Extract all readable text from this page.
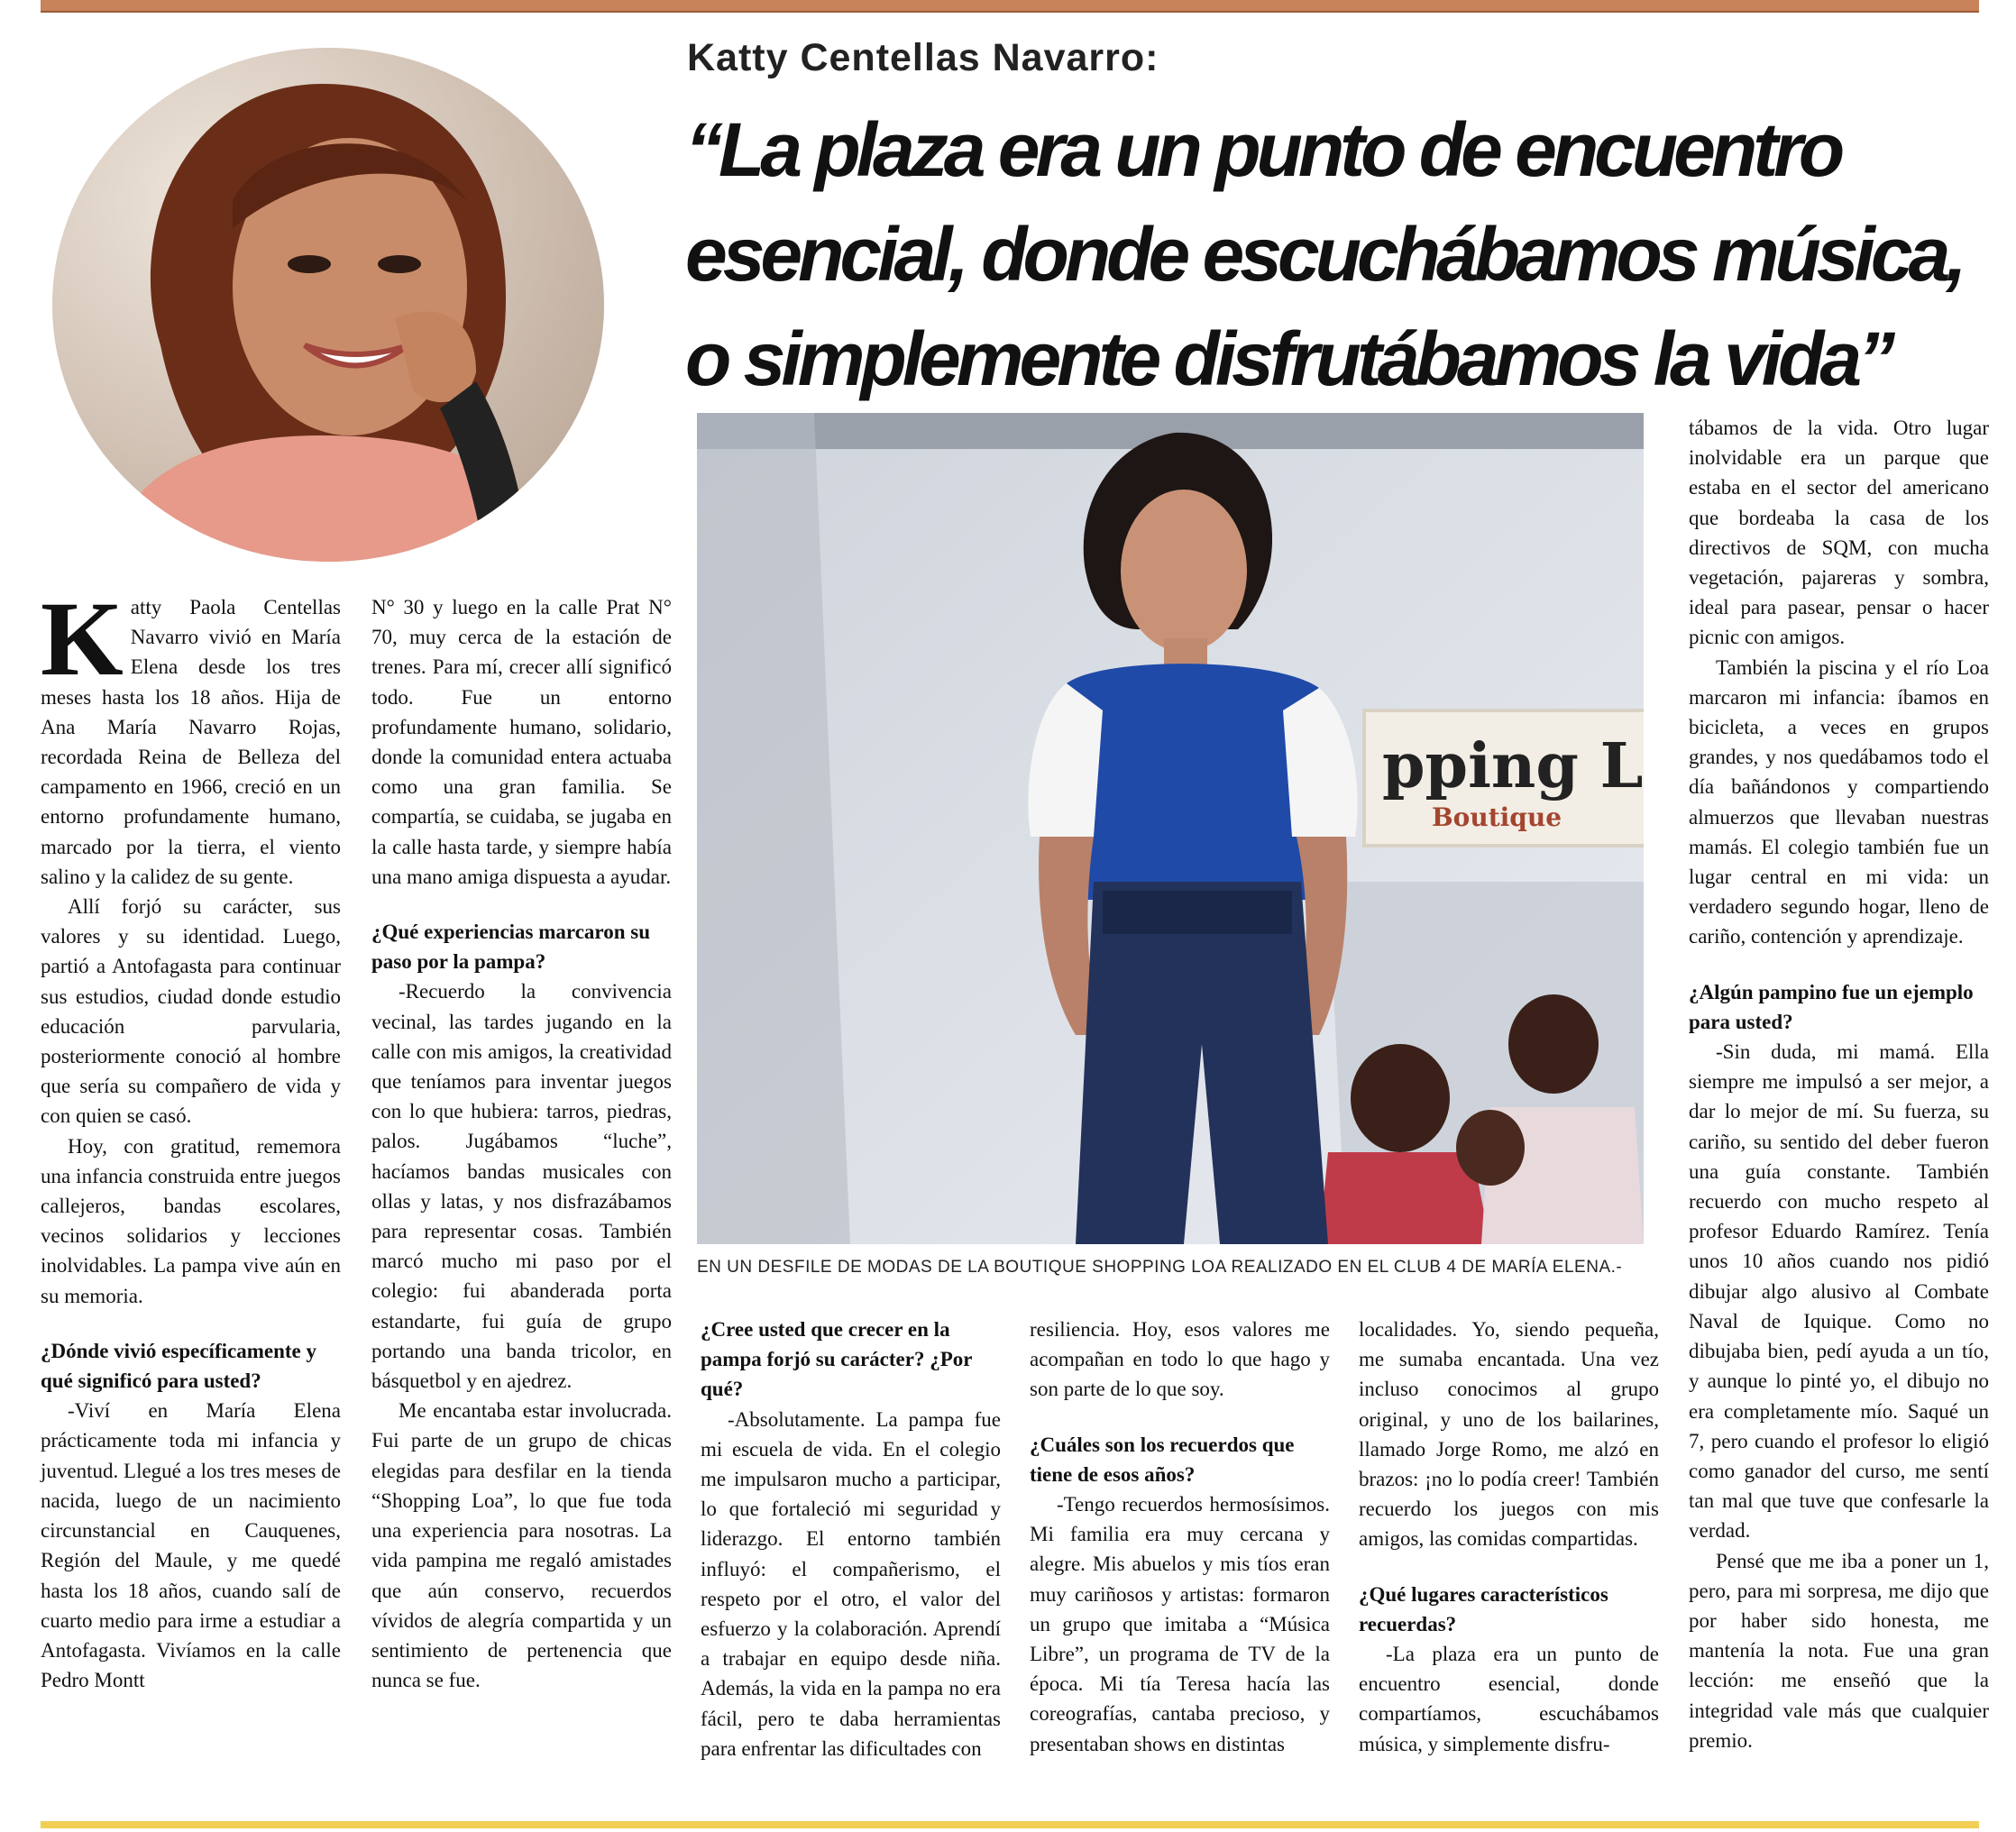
Katty Centellas Navarro:
“La plaza era un punto de encuentro
esencial, donde escuchábamos música,
o simplemente disfrutábamos la vida”
pping L
Boutique
EN UN DESFILE DE MODAS DE LA BOUTIQUE SHOPPING LOA REALIZADO EN EL CLUB 4 DE MARÍA ELENA.-

Katty Paola Centellas Navarro vivió en María Elena desde los tres meses hasta los 18 años. Hija de Ana María Navarro Rojas, recordada Reina de Belleza del campamento en 1966, creció en un entorno profundamente humano, marcado por la tierra, el viento salino y la calidez de su gente.

Allí forjó su carácter, sus valores y su identidad. Luego, partió a Antofagasta para continuar sus estudios, ciudad donde estudio educación parvularia, posteriormente conoció al hombre que sería su compañero de vida y con quien se casó.

Hoy, con gratitud, rememora una infancia construida entre juegos callejeros, bandas escolares, vecinos solidarios y lecciones inolvidables. La pampa vive aún en su memoria.

¿Dónde vivió específicamente y qué significó para usted?

-Viví en María Elena prácticamente toda mi infancia y juventud. Llegué a los tres meses de nacida, luego de un nacimiento circunstancial en Cauquenes, Región del Maule, y me quedé hasta los 18 años, cuando salí de cuarto medio para irme a estudiar a Antofagasta. Vivíamos en la calle Pedro Montt

N° 30 y luego en la calle Prat N° 70, muy cerca de la estación de trenes. Para mí, crecer allí significó todo. Fue un entorno profundamente humano, solidario, donde la comunidad entera actuaba como una gran familia. Se compartía, se cuidaba, se jugaba en la calle hasta tarde, y siempre había una mano amiga dispuesta a ayudar.

¿Qué experiencias marcaron su paso por la pampa?

-Recuerdo la convivencia vecinal, las tardes jugando en la calle con mis amigos, la creatividad que teníamos para inventar juegos con lo que hubiera: tarros, piedras, palos. Jugábamos “luche”, hacíamos bandas musicales con ollas y latas, y nos disfrazábamos para representar cosas. También marcó mucho mi paso por el colegio: fui abanderada porta estandarte, fui guía de grupo portando una banda tricolor, en básquetbol y en ajedrez.

Me encantaba estar involucrada. Fui parte de un grupo de chicas elegidas para desfilar en la tienda “Shopping Loa”, lo que fue toda una experiencia para nosotras. La vida pampina me regaló amistades que aún conservo, recuerdos vívidos de alegría compartida y un sentimiento de pertenencia que nunca se fue.

¿Cree usted que crecer en la pampa forjó su carácter? ¿Por qué?

-Absolutamente. La pampa fue mi escuela de vida. En el colegio me impulsaron mucho a participar, lo que fortaleció mi seguridad y liderazgo. El entorno también influyó: el compañerismo, el respeto por el otro, el valor del esfuerzo y la colaboración. Aprendí a trabajar en equipo desde niña. Además, la vida en la pampa no era fácil, pero te daba herramientas para enfrentar las dificultades con

resiliencia. Hoy, esos valores me acompañan en todo lo que hago y son parte de lo que soy.

¿Cuáles son los recuerdos que tiene de esos años?

-Tengo recuerdos hermosísimos. Mi familia era muy cercana y alegre. Mis abuelos y mis tíos eran muy cariñosos y artistas: formaron un grupo que imitaba a “Música Libre”, un programa de TV de la época. Mi tía Teresa hacía las coreografías, cantaba precioso, y presentaban shows en distintas

localidades. Yo, siendo pequeña, me sumaba encantada. Una vez incluso conocimos al grupo original, y uno de los bailarines, llamado Jorge Romo, me alzó en brazos: ¡no lo podía creer! También recuerdo los juegos con mis amigos, las comidas compartidas.

¿Qué lugares característicos recuerdas?

-La plaza era un punto de encuentro esencial, donde compartíamos, escuchábamos música, y simplemente disfru-

tábamos de la vida. Otro lugar inolvidable era un parque que estaba en el sector del americano que bordeaba la casa de los directivos de SQM, con mucha vegetación, pajareras y sombra, ideal para pasear, pensar o hacer picnic con amigos.

También la piscina y el río Loa marcaron mi infancia: íbamos en bicicleta, a veces en grupos grandes, y nos quedábamos todo el día bañándonos y compartiendo almuerzos que llevaban nuestras mamás. El colegio también fue un lugar central en mi vida: un verdadero segundo hogar, lleno de cariño, contención y aprendizaje.

¿Algún pampino fue un ejemplo para usted?

-Sin duda, mi mamá. Ella siempre me impulsó a ser mejor, a dar lo mejor de mí. Su fuerza, su cariño, su sentido del deber fueron una guía constante. También recuerdo con mucho respeto al profesor Eduardo Ramírez. Tenía unos 10 años cuando nos pidió dibujar algo alusivo al Combate Naval de Iquique. Como no dibujaba bien, pedí ayuda a un tío, y aunque lo pinté yo, el dibujo no era completamente mío. Saqué un 7, pero cuando el profesor lo eligió como ganador del curso, me sentí tan mal que tuve que confesarle la verdad.

Pensé que me iba a poner un 1, pero, para mi sorpresa, me dijo que por haber sido honesta, me mantenía la nota. Fue una gran lección: me enseñó que la integridad vale más que cualquier premio.
